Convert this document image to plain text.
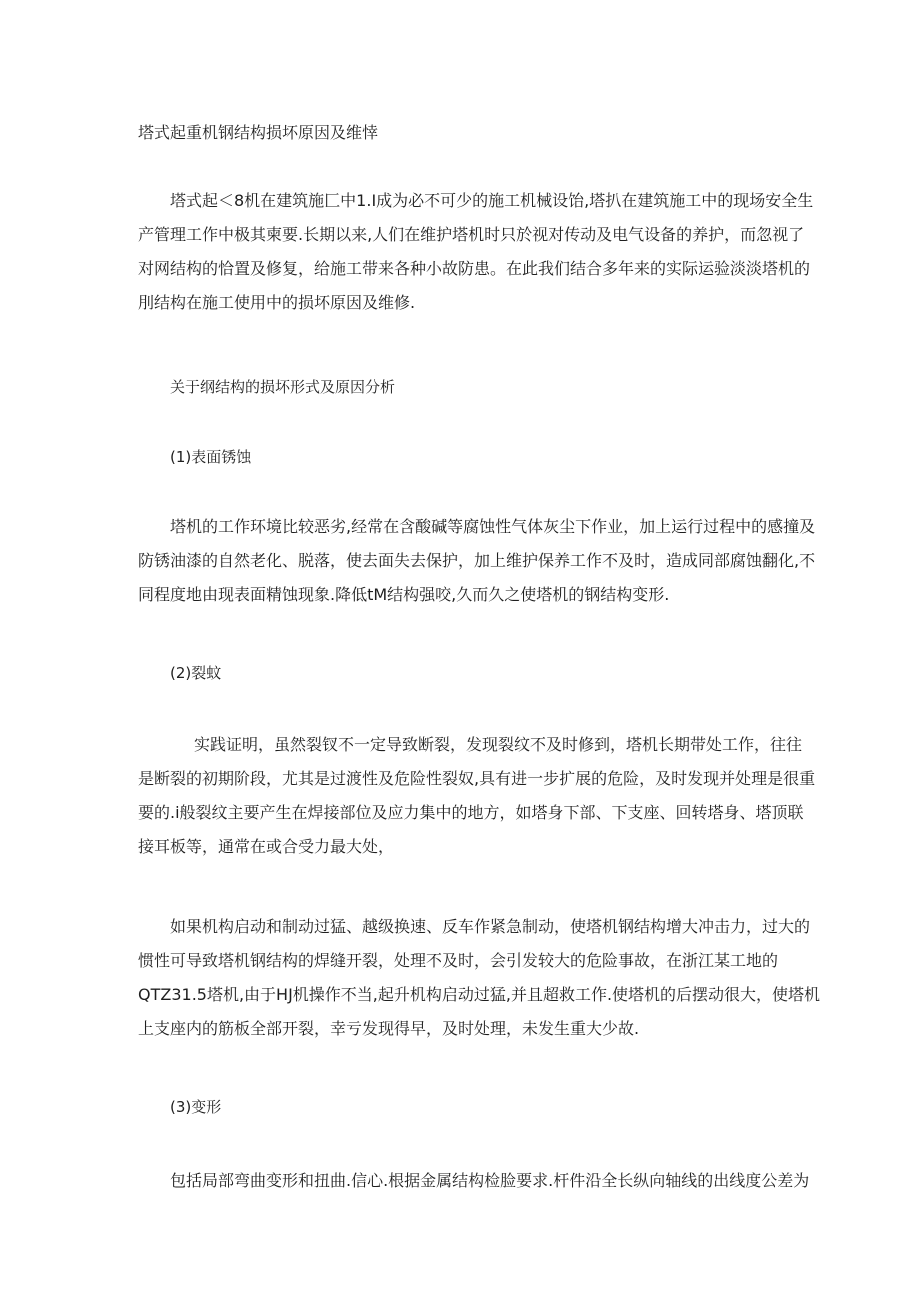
塔式起重机钢结构损坏原因及维悻
塔式起＜8机在建筑施匚中1.I成为必不可少的施工机械设饴,塔扒在建筑施工中的现场安全生
产管理工作中极其柬要.长期以来,人们在维护塔机时只於视对传动及电气设备的养护，而忽视了
对网结构的恰置及修复，给施工带来各种小故防患。在此我们结合多年来的实际运验淡淡塔机的
刖结构在施工使用中的损坏原因及维修.
关于纲结构的损坏形式及原因分析
(1)表面锈蚀
塔机的工作环境比较恶劣,经常在含酸碱等腐蚀性气体灰尘下作业，加上运行过程中的感撞及
防锈油漆的自然老化、脱落，使去面失去保护，加上维护保养工作不及时，造成同部腐蚀翻化,不
同程度地由现表面精蚀现象.降低tM结构强咬,久而久之使塔机的钢结构变形.
(2)裂蚊
实践证明，虽然裂钗不一定导致断裂，发现裂纹不及时修到，塔机长期带处工作，往往
是断裂的初期阶段，尤其是过渡性及危险性裂奴,具有进一步扩展的危险，及时发现并处理是很重
要的.i般裂纹主要产生在焊接部位及应力集中的地方，如塔身下部、下支座、回转塔身、塔顶联
接耳板等，通常在或合受力最大处，
如果机构启动和制动过猛、越级换速、反车作紧急制动，使塔机钢结构增大冲击力，过大的
惯性可导致塔机钢结构的焊缝开裂，处理不及时，会引发较大的危险事故，在浙江某工地的
QTZ31.5塔机,由于HJ机操作不当,起升机构启动过猛,并且超救工作.使塔机的后摆动很大，使塔机
上支座内的筋板全部开裂，幸亏发现得早，及时处理，未发生重大少故.
(3)变形
包括局部弯曲变形和扭曲.信心.根据金属结构检脸要求.杆件沿全长纵向轴线的出线度公差为
